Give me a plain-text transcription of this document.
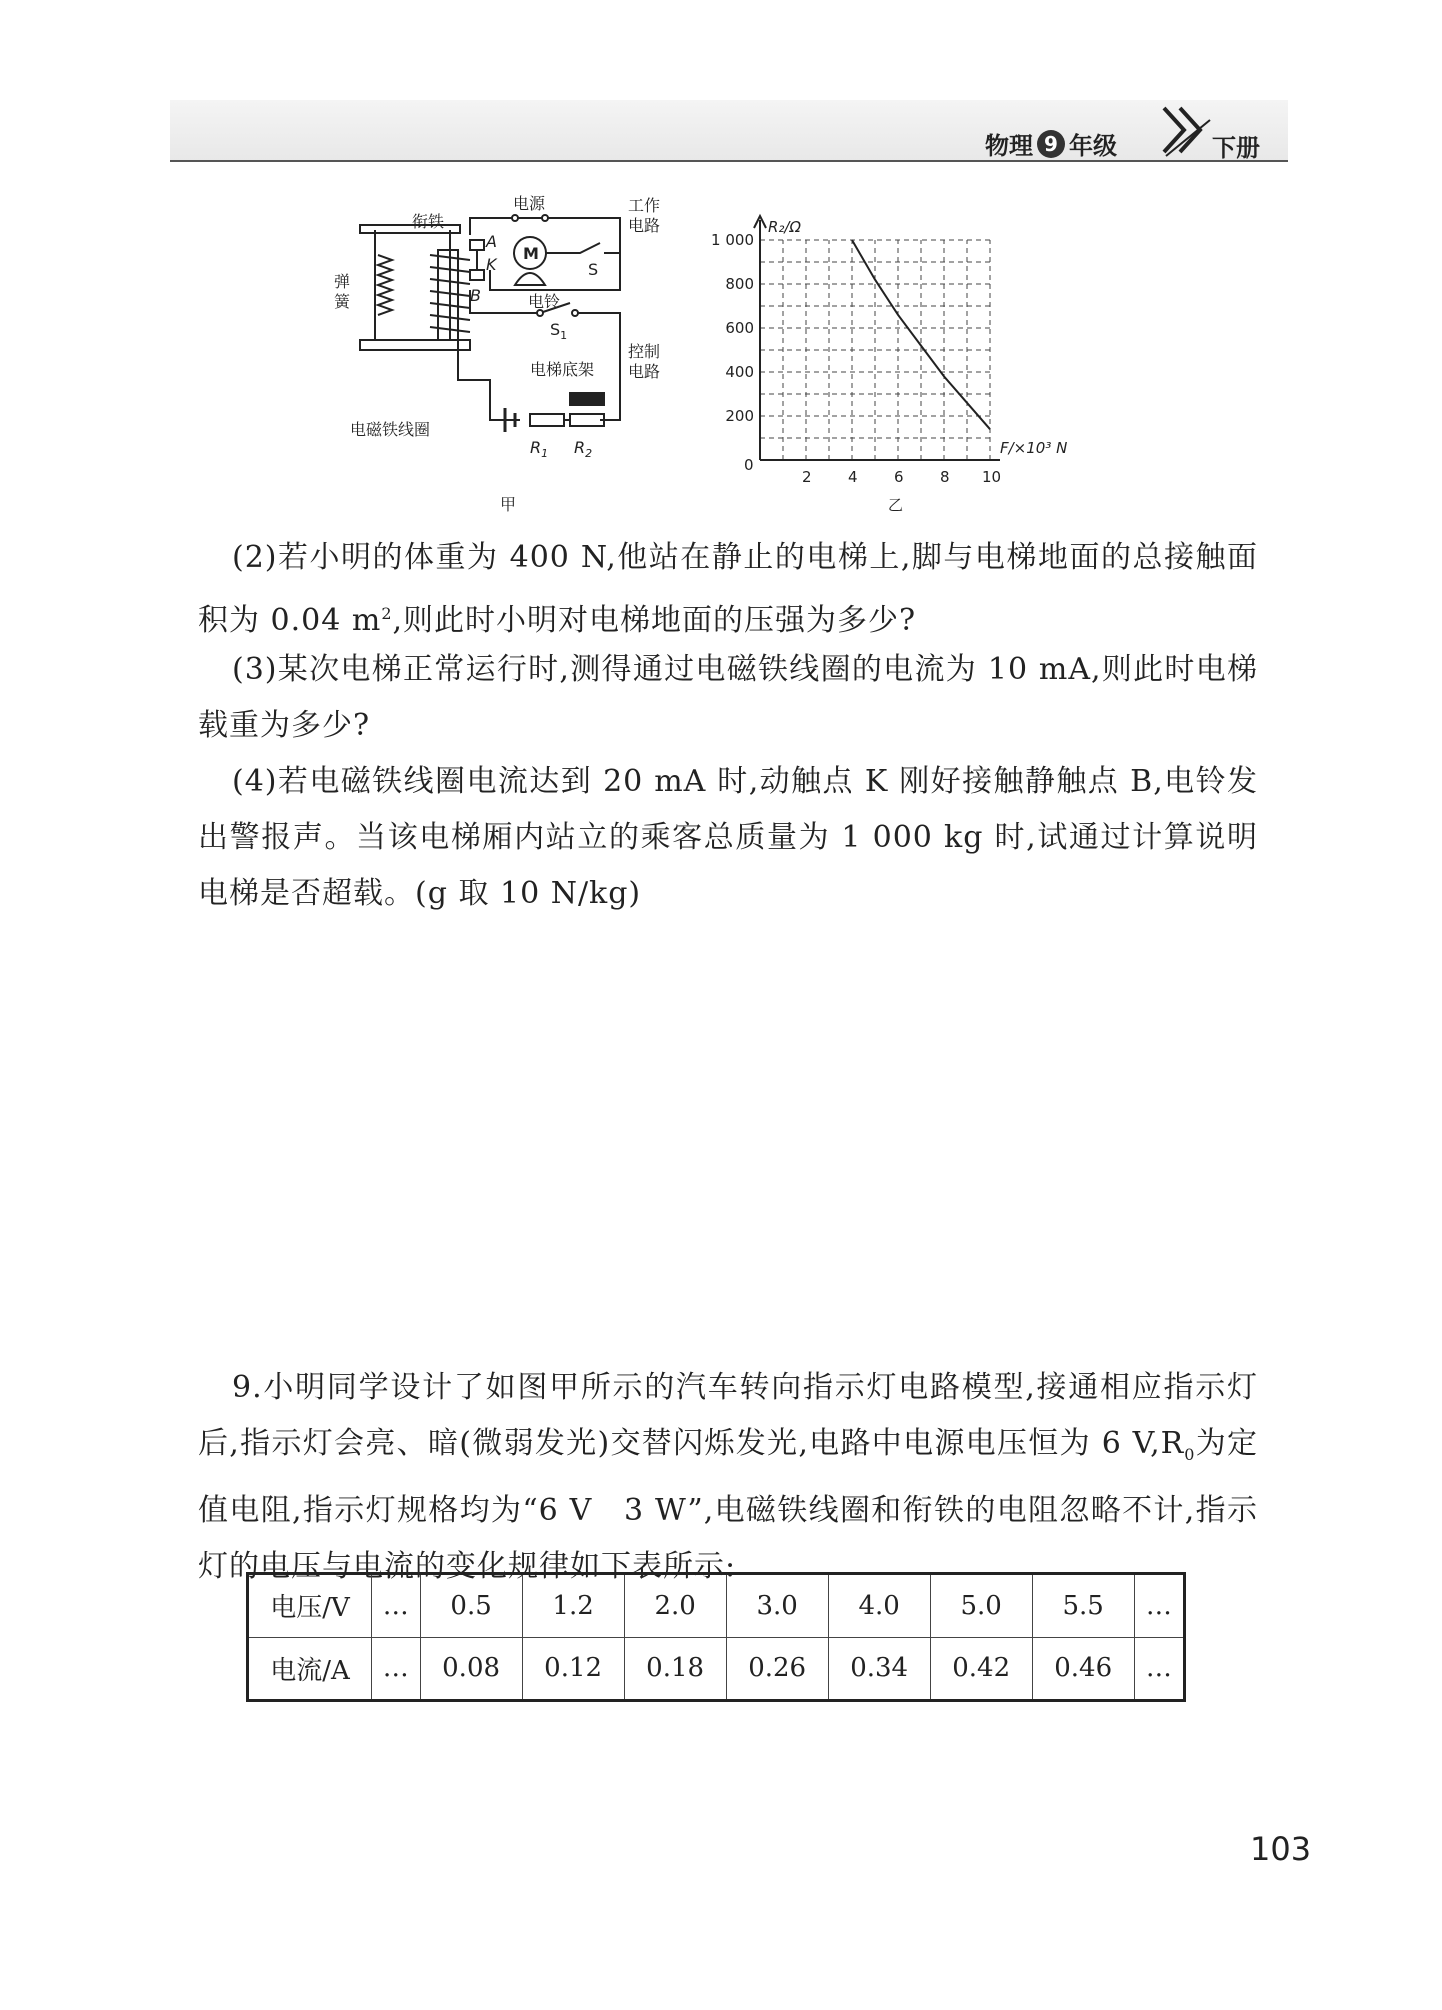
物理 9 年级	下册
电源	工作
电路
衔铁
M
S
A
K
B	电铃
弹
簧
$S_1$
控制
电路
电梯底架
电磁铁线圈
$R_1$ $R_2$
甲
2 4 6 8 10
1 000
800
600
400
200
R₂/Ω
F/×10³ N
0
乙

(2)若小明的体重为 400 N,他站在静止的电梯上,脚与电梯地面的总接触面积为 0.04 $m^2$,则此时小明对电梯地面的压强为多少?

(3)某次电梯正常运行时,测得通过电磁铁线圈的电流为 10 mA,则此时电梯载重为多少?

(4)若电磁铁线圈电流达到 20 mA 时,动触点 K 刚好接触静触点 B,电铃发出警报声。当该电梯厢内站立的乘客总质量为 1 000 kg 时,试通过计算说明电梯是否超载。(g 取 10 N/kg)

9.小明同学设计了如图甲所示的汽车转向指示灯电路模型,接通相应指示灯后,指示灯会亮、暗(微弱发光)交替闪烁发光,电路中电源电压恒为 6 $V,R_0$为定值电阻,指示灯规格均为“6 V　3 W”,电磁铁线圈和衔铁的电阻忽略不计,指示灯的电压与电流的变化规律如下表所示:

电压/V	…	0.5	1.2	2.0	3.0	4.0	5.0	5.5	…
电流/A	…	0.08	0.12	0.18	0.26	0.34	0.42	0.46	…
103
